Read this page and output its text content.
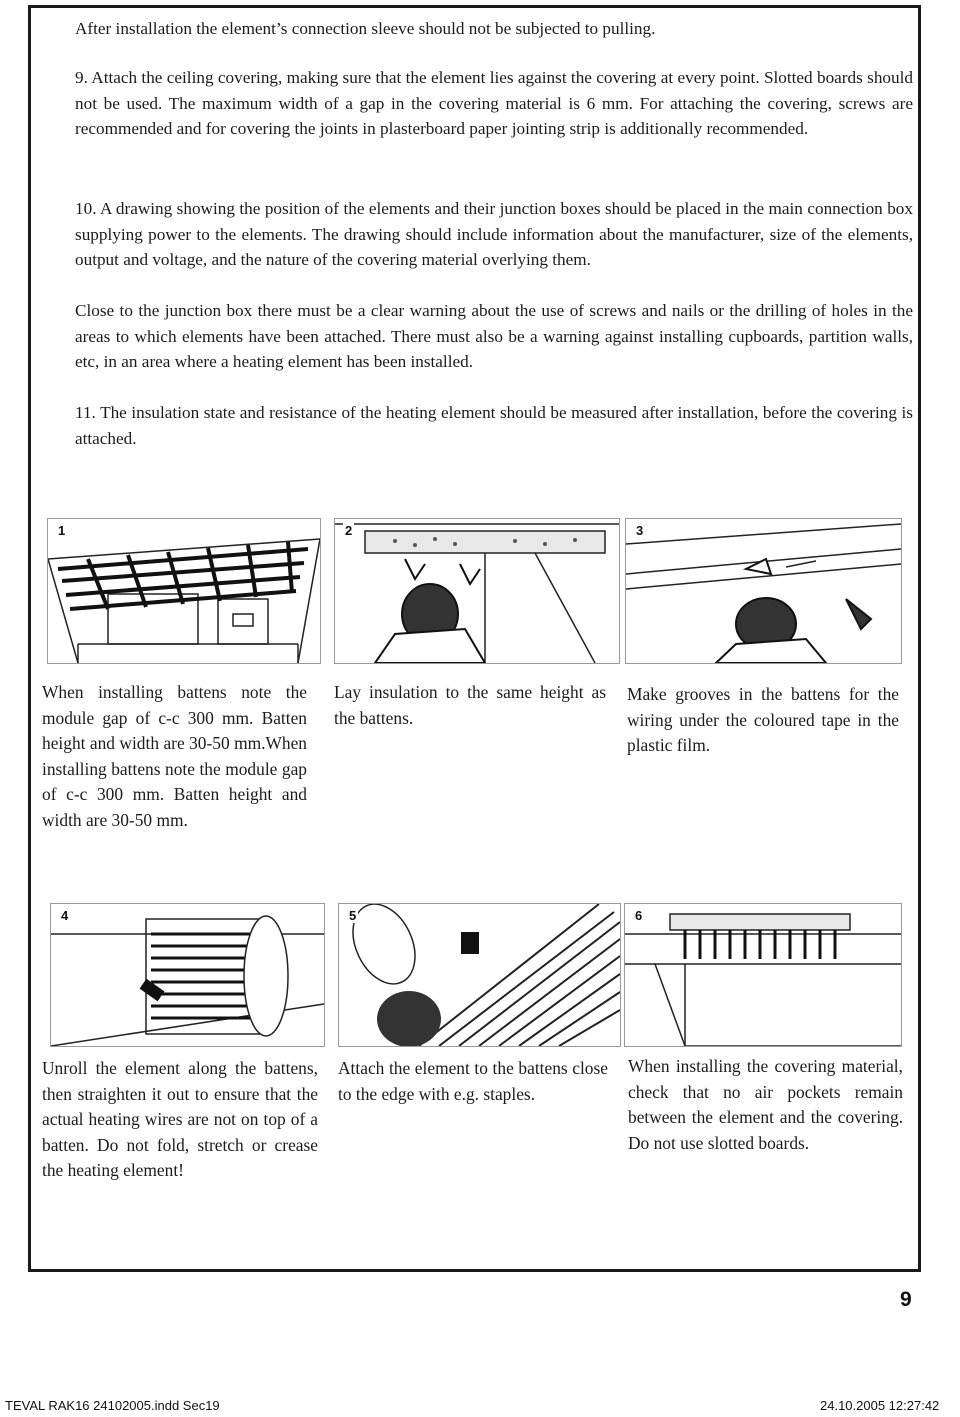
After installation the element’s connection sleeve should not be subjected to pulling.

9. Attach the ceiling covering, making sure that the element lies against the covering at every point. Slotted boards should not be used. The maximum width of a gap in the covering material is 6 mm. For attaching the covering, screws are recommended and for covering the joints in plasterboard paper jointing strip is additionally recommended.

10. A drawing showing the position of the elements and their junction boxes should be placed in the main connection box supplying power to the elements. The drawing should include information about the manufacturer, size of the elements, output and voltage, and the nature of the covering material overlying them.

Close to the junction box there must be a clear warning about the use of screws and nails or the drilling of holes in the areas to which elements have been attached. There must also be a warning against installing cupboards, partition walls, etc, in an area where a heating element has been installed.

11. The insulation state and resistance of the heating element should be measured after installation, before the covering is attached.

1	2	3

When installing battens note the module gap of c-c 300 mm. Batten height and width are 30-50 mm.When installing battens note the module gap of c-c 300 mm. Batten height and width are 30-50 mm.

Lay insulation to the same height as the battens.

Make grooves in the battens for the wiring under the coloured tape in the plastic film.

4	5	6

Unroll the element along the battens, then straighten it out to ensure that the actual heating wires are not on top of a batten. Do not fold, stretch or crease the heating element!

Attach the element to the battens close to the edge with e.g. staples.

When installing the covering material, check that no air pockets remain between the element and the covering. Do not use slotted boards.

9
TEVAL RAK16 24102005.indd Sec19	24.10.2005 12:27:42
